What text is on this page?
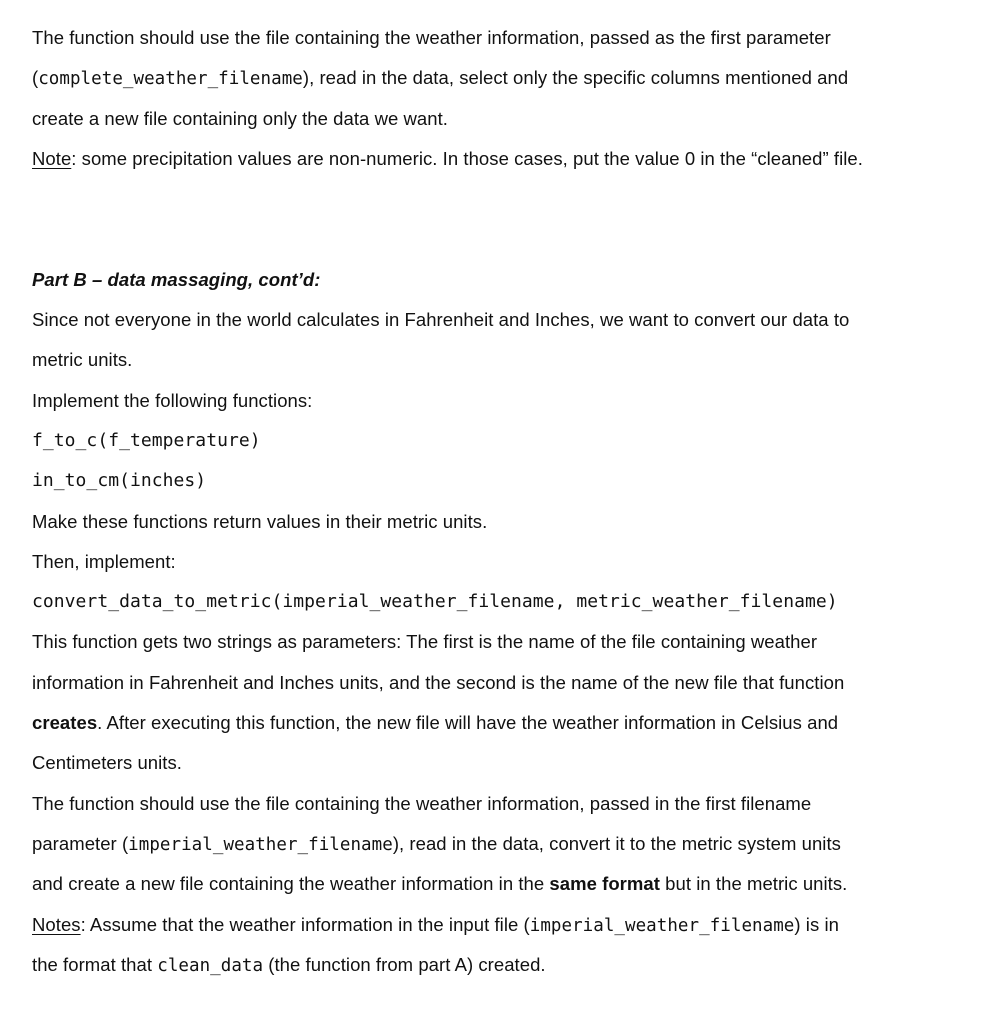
The function should use the file containing the weather information, passed as the first parameter
(complete_weather_filename), read in the data, select only the specific columns mentioned and
create a new file containing only the data we want.
Note: some precipitation values are non-numeric. In those cases, put the value 0 in the “cleaned” file.
Part B – data massaging, cont’d:
Since not everyone in the world calculates in Fahrenheit and Inches, we want to convert our data to
metric units.
Implement the following functions:
f_to_c(f_temperature)
in_to_cm(inches)
Make these functions return values in their metric units.
Then, implement:
convert_data_to_metric(imperial_weather_filename, metric_weather_filename)
This function gets two strings as parameters: The first is the name of the file containing weather
information in Fahrenheit and Inches units, and the second is the name of the new file that function
creates. After executing this function, the new file will have the weather information in Celsius and
Centimeters units.
The function should use the file containing the weather information, passed in the first filename
parameter (imperial_weather_filename), read in the data, convert it to the metric system units
and create a new file containing the weather information in the same format but in the metric units.
Notes: Assume that the weather information in the input file (imperial_weather_filename) is in
the format that clean_data (the function from part A) created.
